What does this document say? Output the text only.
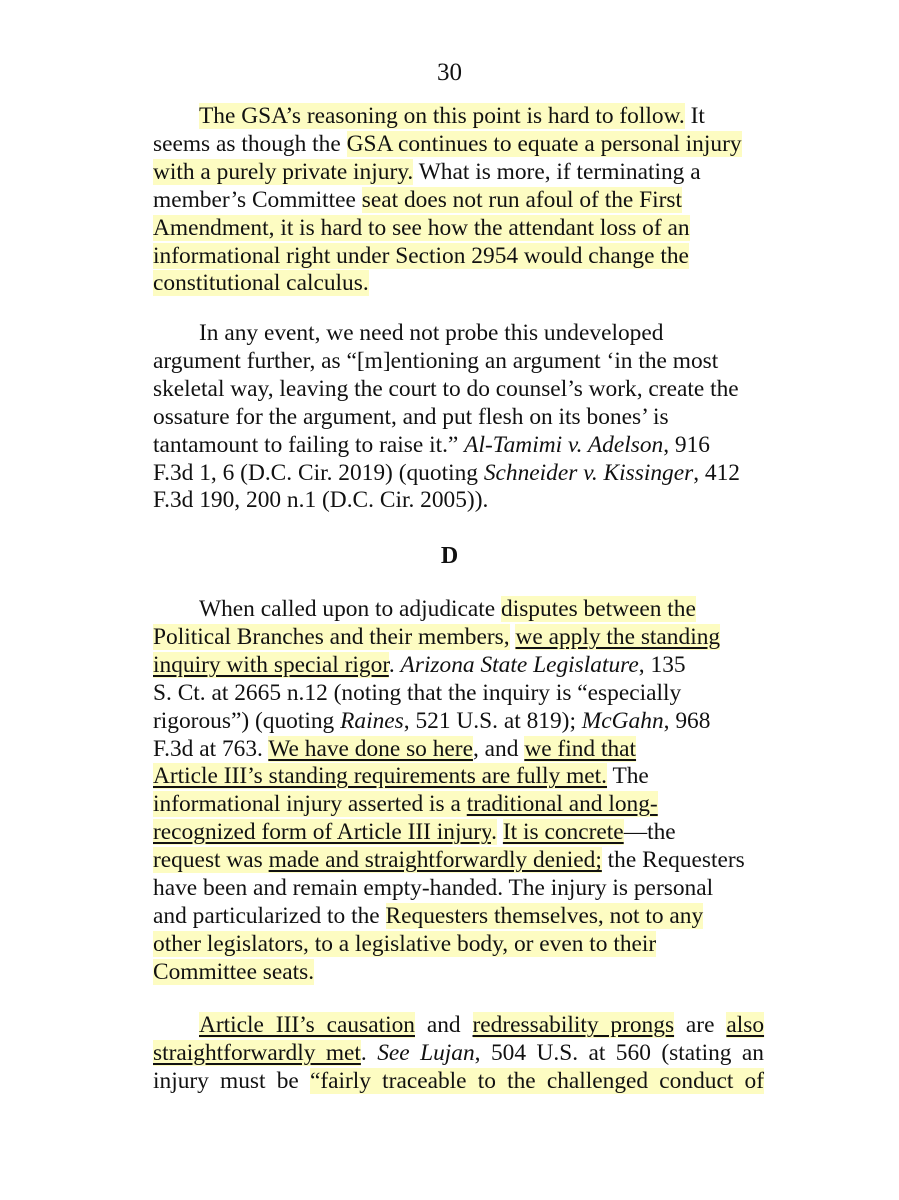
30
The GSA’s reasoning on this point is hard to follow. It
seems as though the GSA continues to equate a personal injury
with a purely private injury. What is more, if terminating a
member’s Committee seat does not run afoul of the First
Amendment, it is hard to see how the attendant loss of an
informational right under Section 2954 would change the
constitutional calculus.
In any event, we need not probe this undeveloped
argument further, as “[m]entioning an argument ‘in the most
skeletal way, leaving the court to do counsel’s work, create the
ossature for the argument, and put flesh on its bones’ is
tantamount to failing to raise it.” Al-Tamimi v. Adelson, 916
F.3d 1, 6 (D.C. Cir. 2019) (quoting Schneider v. Kissinger, 412
F.3d 190, 200 n.1 (D.C. Cir. 2005)).
D
When called upon to adjudicate disputes between the
Political Branches and their members, we apply the standing
inquiry with special rigor. Arizona State Legislature, 135
S. Ct. at 2665 n.12 (noting that the inquiry is “especially
rigorous”) (quoting Raines, 521 U.S. at 819); McGahn, 968
F.3d at 763. We have done so here, and we find that
Article III’s standing requirements are fully met. The
informational injury asserted is a traditional and long-
recognized form of Article III injury. It is concrete—the
request was made and straightforwardly denied; the Requesters
have been and remain empty-handed. The injury is personal
and particularized to the Requesters themselves, not to any
other legislators, to a legislative body, or even to their
Committee seats.
Article III’s causation and redressability prongs are also
straightforwardly met. See Lujan, 504 U.S. at 560 (stating an
injury must be “fairly traceable to the challenged conduct of
